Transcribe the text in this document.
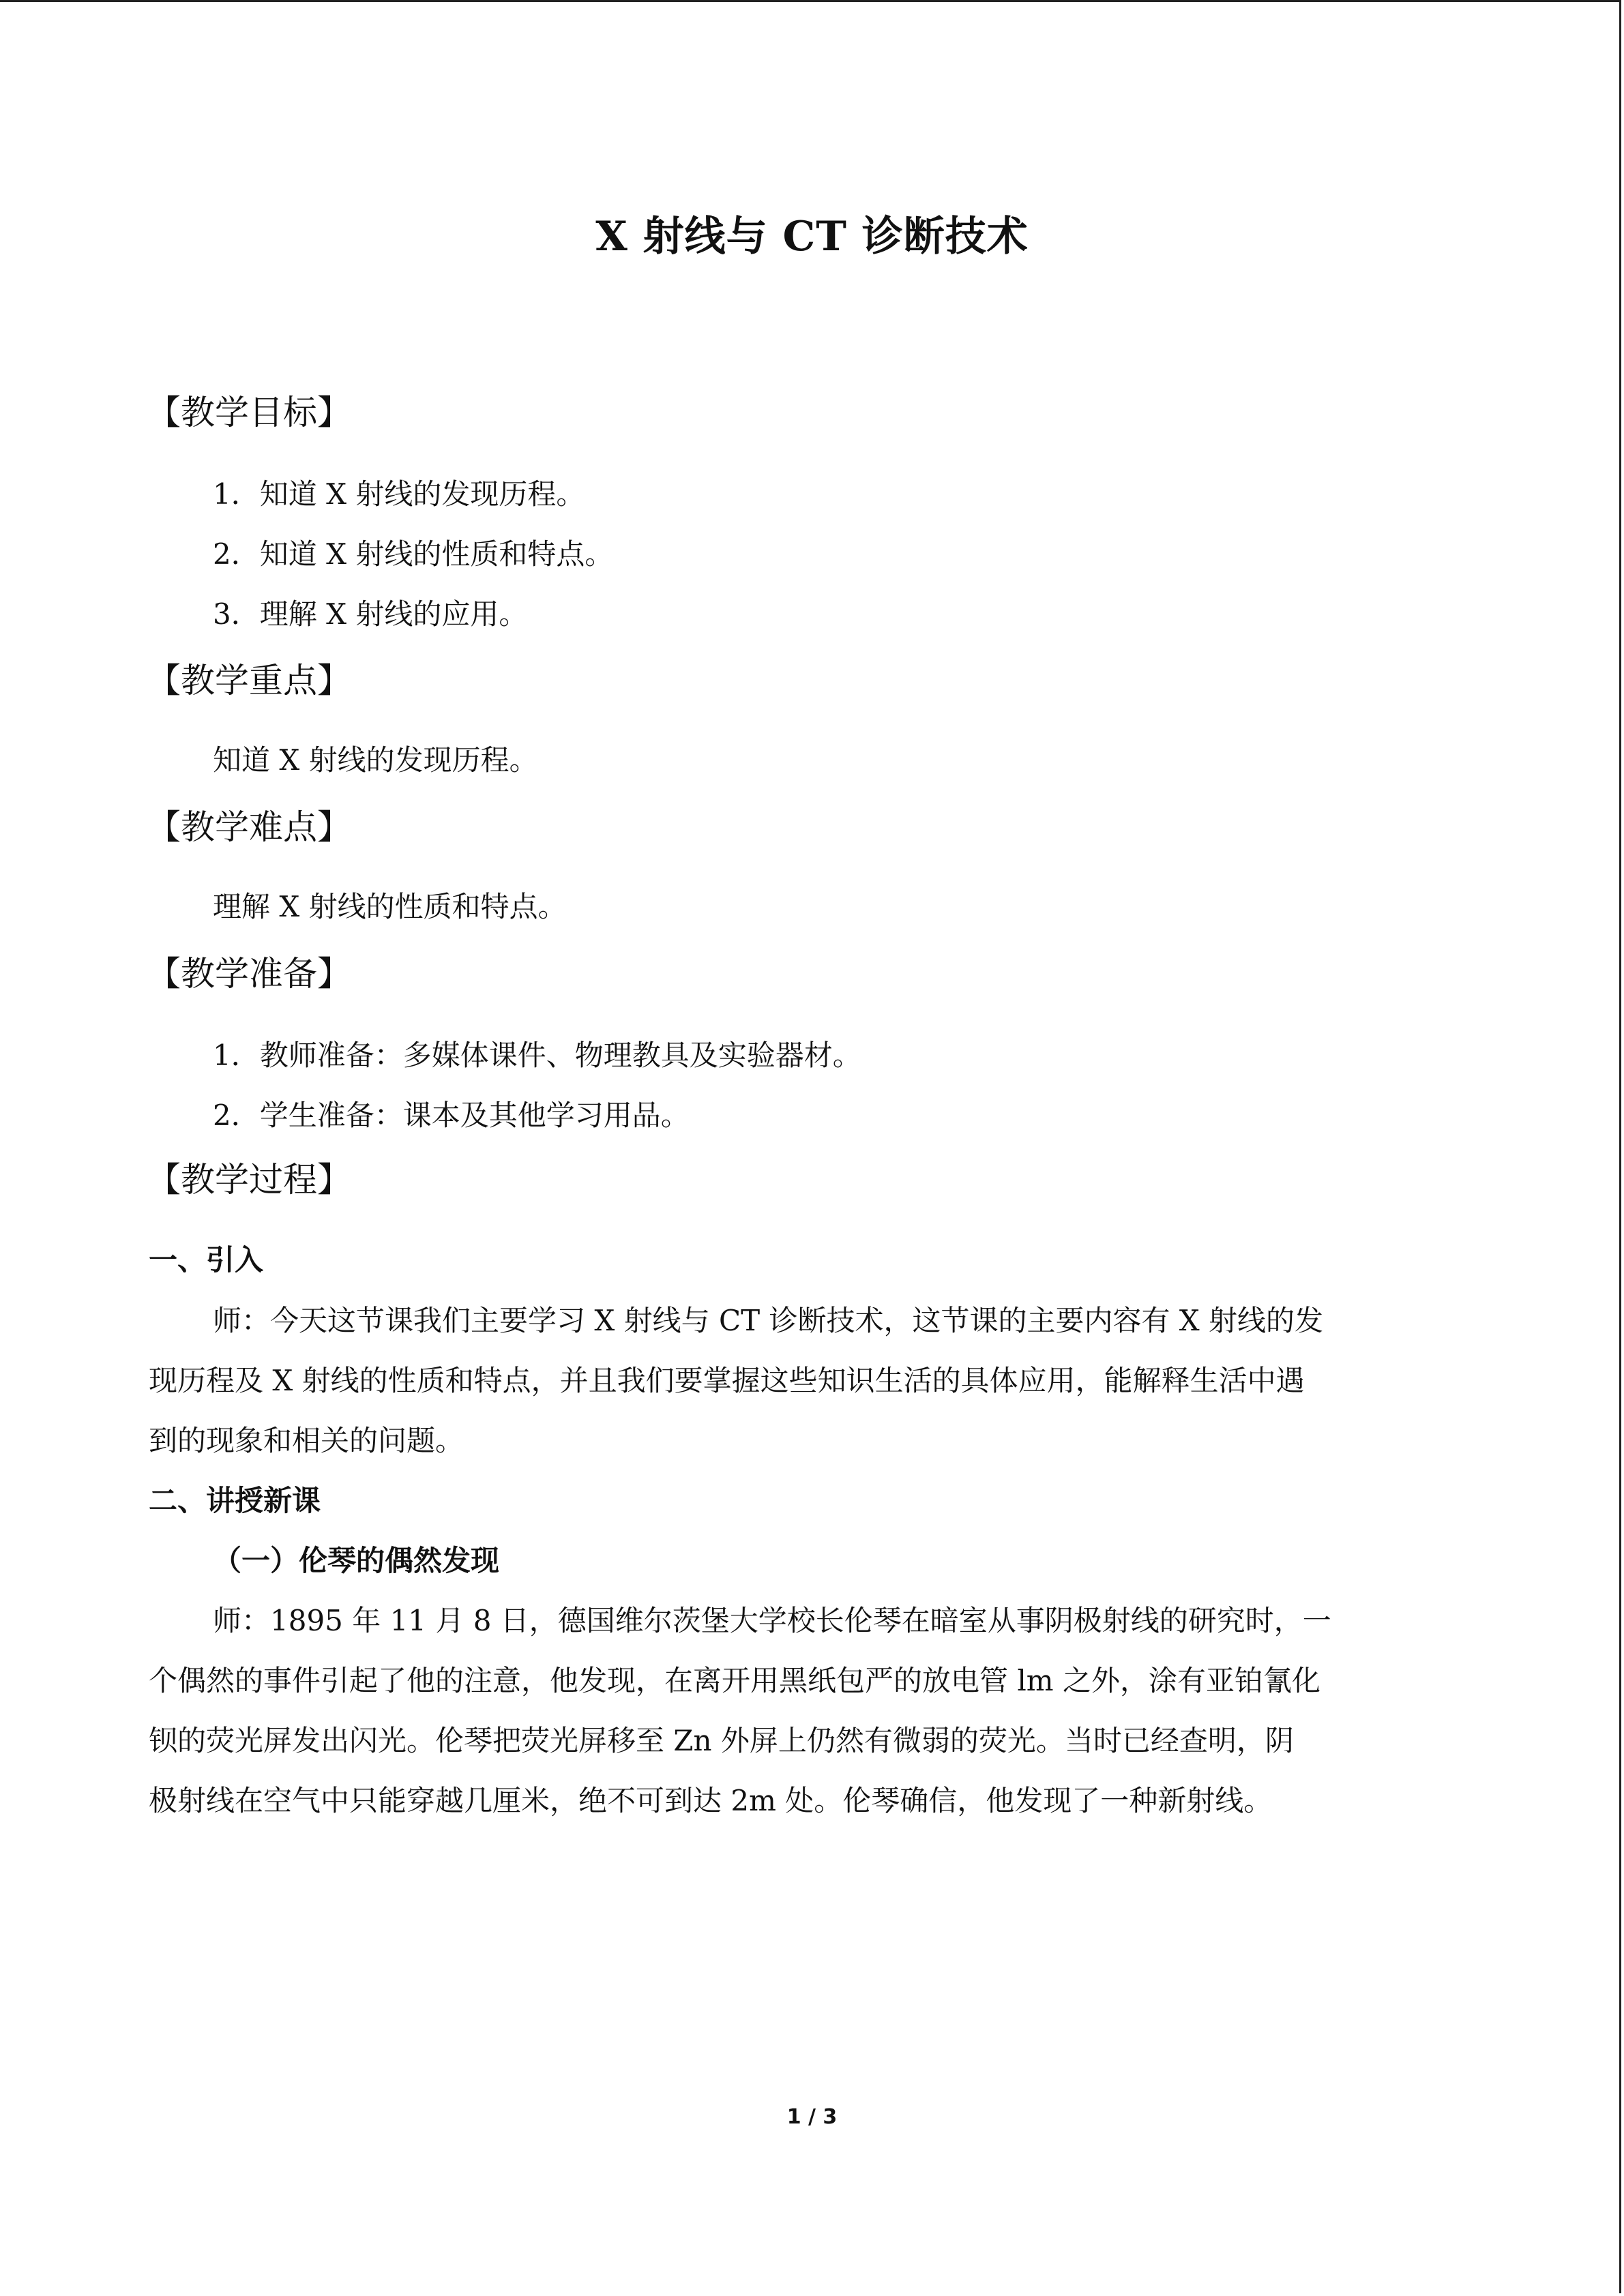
X 射线与 CT 诊断技术
【教学目标】
1．知道 X 射线的发现历程。
2．知道 X 射线的性质和特点。
3．理解 X 射线的应用。
【教学重点】
知道 X 射线的发现历程。
【教学难点】
理解 X 射线的性质和特点。
【教学准备】
1．教师准备：多媒体课件、物理教具及实验器材。
2．学生准备：课本及其他学习用品。
【教学过程】
一、引入
师：今天这节课我们主要学习 X 射线与 CT 诊断技术，这节课的主要内容有 X 射线的发
现历程及 X 射线的性质和特点，并且我们要掌握这些知识生活的具体应用，能解释生活中遇
到的现象和相关的问题。
二、讲授新课
（一）伦琴的偶然发现
师：1895 年 11 月 8 日，德国维尔茨堡大学校长伦琴在暗室从事阴极射线的研究时，一
个偶然的事件引起了他的注意，他发现，在离开用黑纸包严的放电管 lm 之外，涂有亚铂氰化
钡的荧光屏发出闪光。伦琴把荧光屏移至 Zn 外屏上仍然有微弱的荧光。当时已经查明，阴
极射线在空气中只能穿越几厘米，绝不可到达 2m 处。伦琴确信，他发现了一种新射线。
1 / 3
